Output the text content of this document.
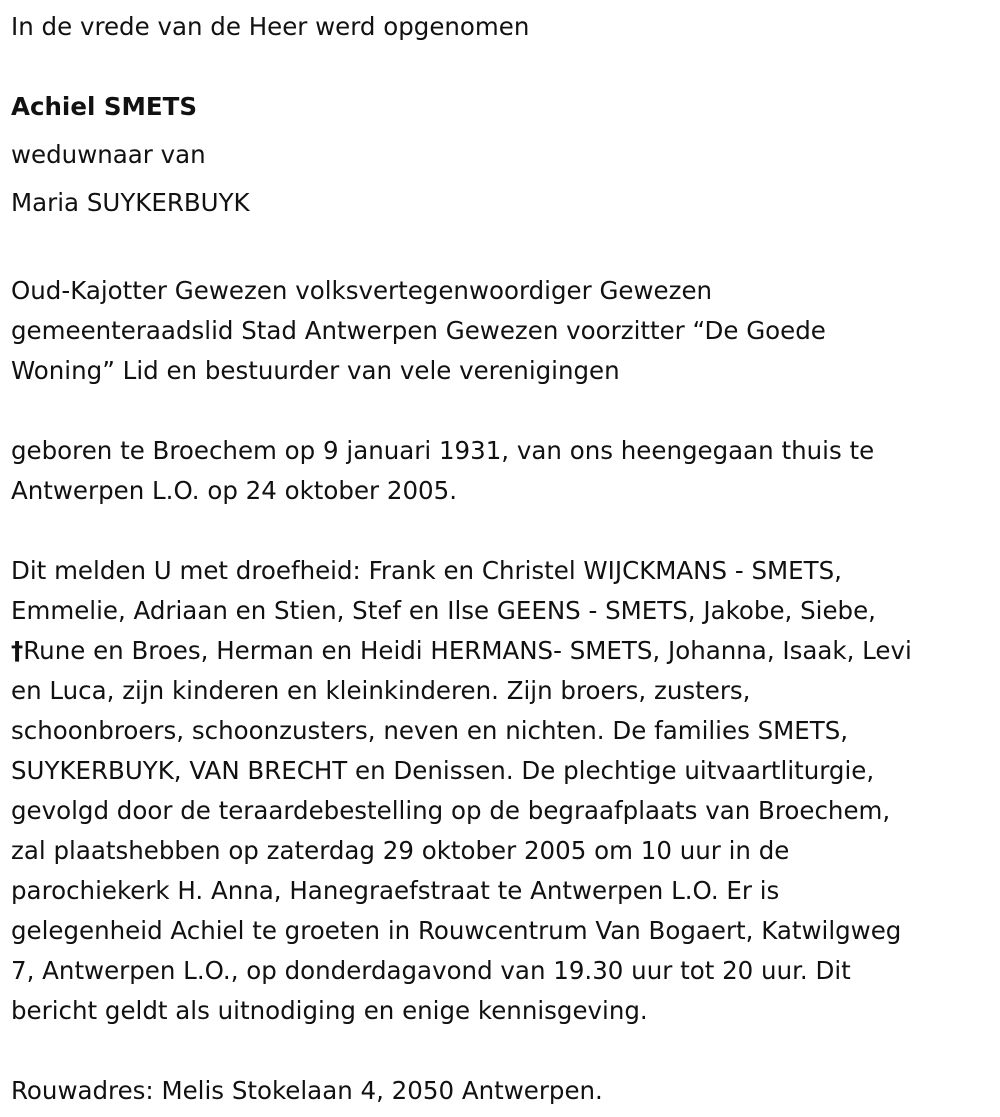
In de vrede van de Heer werd opgenomen
Achiel SMETS
weduwnaar van
Maria SUYKERBUYK
Oud-Kajotter Gewezen volksvertegenwoordiger Gewezen
gemeenteraadslid Stad Antwerpen Gewezen voorzitter “De Goede
Woning” Lid en bestuurder van vele verenigingen
geboren te Broechem op 9 januari 1931, van ons heengegaan thuis te
Antwerpen L.O. op 24 oktober 2005.
Dit melden U met droefheid: Frank en Christel WIJCKMANS - SMETS,
Emmelie, Adriaan en Stien, Stef en Ilse GEENS - SMETS, Jakobe, Siebe,
†Rune en Broes, Herman en Heidi HERMANS- SMETS, Johanna, Isaak, Levi
en Luca, zijn kinderen en kleinkinderen. Zijn broers, zusters,
schoonbroers, schoonzusters, neven en nichten. De families SMETS,
SUYKERBUYK, VAN BRECHT en Denissen. De plechtige uitvaartliturgie,
gevolgd door de teraardebestelling op de begraafplaats van Broechem,
zal plaatshebben op zaterdag 29 oktober 2005 om 10 uur in de
parochiekerk H. Anna, Hanegraefstraat te Antwerpen L.O. Er is
gelegenheid Achiel te groeten in Rouwcentrum Van Bogaert, Katwilgweg
7, Antwerpen L.O., op donderdagavond van 19.30 uur tot 20 uur. Dit
bericht geldt als uitnodiging en enige kennisgeving.
Rouwadres: Melis Stokelaan 4, 2050 Antwerpen.
